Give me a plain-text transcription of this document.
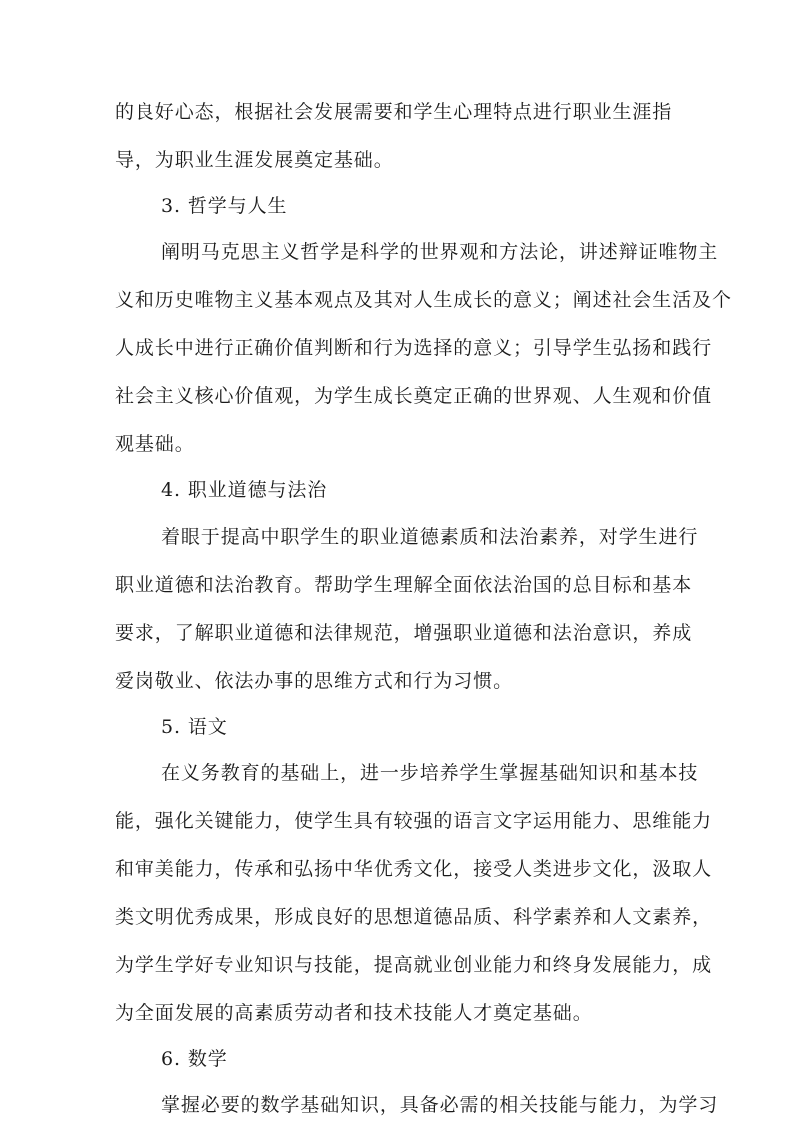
的良好心态，根据社会发展需要和学生心理特点进行职业生涯指
导，为职业生涯发展奠定基础。
3. 哲学与人生
阐明马克思主义哲学是科学的世界观和方法论，讲述辩证唯物主
义和历史唯物主义基本观点及其对人生成长的意义；阐述社会生活及个
人成长中进行正确价值判断和行为选择的意义；引导学生弘扬和践行
社会主义核心价值观，为学生成长奠定正确的世界观、人生观和价值
观基础。
4. 职业道德与法治
着眼于提高中职学生的职业道德素质和法治素养，对学生进行
职业道德和法治教育。帮助学生理解全面依法治国的总目标和基本
要求，了解职业道德和法律规范，增强职业道德和法治意识，养成
爱岗敬业、依法办事的思维方式和行为习惯。
5. 语文
在义务教育的基础上，进一步培养学生掌握基础知识和基本技
能，强化关键能力，使学生具有较强的语言文字运用能力、思维能力
和审美能力，传承和弘扬中华优秀文化，接受人类进步文化，汲取人
类文明优秀成果，形成良好的思想道德品质、科学素养和人文素养，
为学生学好专业知识与技能，提高就业创业能力和终身发展能力，成
为全面发展的高素质劳动者和技术技能人才奠定基础。
6. 数学
掌握必要的数学基础知识，具备必需的相关技能与能力，为学习
